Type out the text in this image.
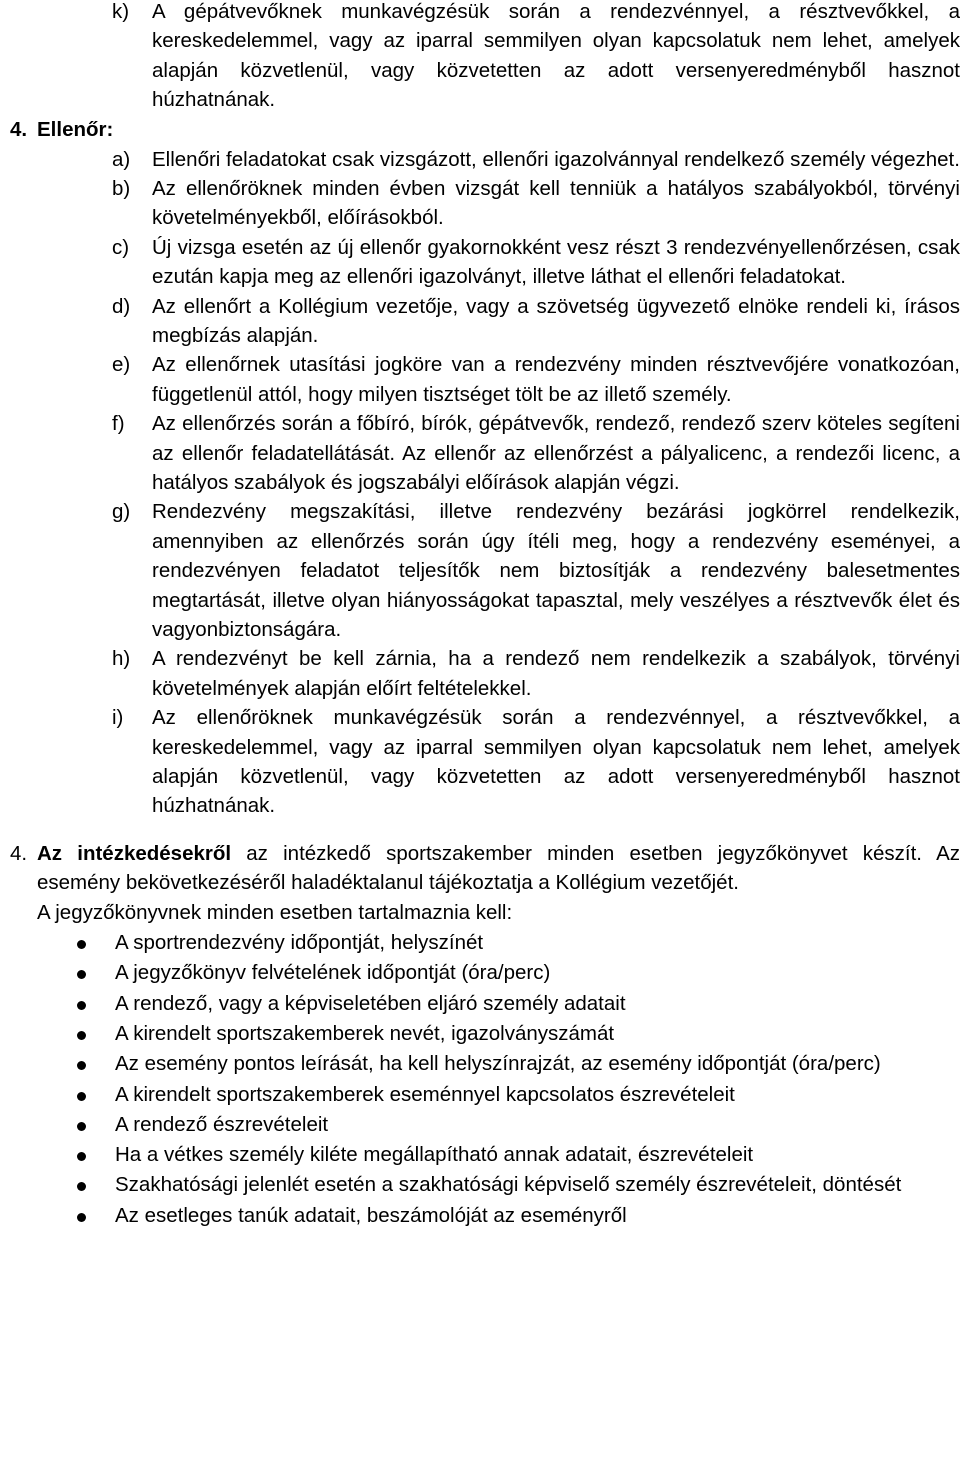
k) A gépátvevőknek munkavégzésük során a rendezvénnyel, a résztvevőkkel, a kereskedelemmel, vagy az iparral semmilyen olyan kapcsolatuk nem lehet, amelyek alapján közvetlenül, vagy közvetetten az adott versenyeredményből hasznot húzhatnának.
4. Ellenőr:
a) Ellenőri feladatokat csak vizsgázott, ellenőri igazolvánnyal rendelkező személy végezhet.
b) Az ellenőröknek minden évben vizsgát kell tenniük a hatályos szabályokból, törvényi követelményekből, előírásokból.
c) Új vizsga esetén az új ellenőr gyakornokként vesz részt 3 rendezvényellenőrzésen, csak ezután kapja meg az ellenőri igazolványt, illetve láthat el ellenőri feladatokat.
d) Az ellenőrt a Kollégium vezetője, vagy a szövetség ügyvezető elnöke rendeli ki, írásos megbízás alapján.
e) Az ellenőrnek utasítási jogköre van a rendezvény minden résztvevőjére vonatkozóan, függetlenül attól, hogy milyen tisztséget tölt be az illető személy.
f) Az ellenőrzés során a főbíró, bírók, gépátvevők, rendező, rendező szerv köteles segíteni az ellenőr feladatellátását. Az ellenőr az ellenőrzést a pályalicenc, a rendezői licenc, a hatályos szabályok és jogszabályi előírások alapján végzi.
g) Rendezvény megszakítási, illetve rendezvény bezárási jogkörrel rendelkezik, amennyiben az ellenőrzés során úgy ítéli meg, hogy a rendezvény eseményei, a rendezvényen feladatot teljesítők nem biztosítják a rendezvény balesetmentes megtartását, illetve olyan hiányosságokat tapasztal, mely veszélyes a résztvevők élet és vagyonbiztonságára.
h) A rendezvényt be kell zárnia, ha a rendező nem rendelkezik a szabályok, törvényi követelmények alapján előírt feltételekkel.
i) Az ellenőröknek munkavégzésük során a rendezvénnyel, a résztvevőkkel, a kereskedelemmel, vagy az iparral semmilyen olyan kapcsolatuk nem lehet, amelyek alapján közvetlenül, vagy közvetetten az adott versenyeredményből hasznot húzhatnának.

4. Az intézkedésekről az intézkedő sportszakember minden esetben jegyzőkönyvet készít. Az esemény bekövetkezéséről haladéktalanul tájékoztatja a Kollégium vezetőjét.

A jegyzőkönyvnek minden esetben tartalmaznia kell:

A sportrendezvény időpontját, helyszínét
A jegyzőkönyv felvételének időpontját (óra/perc)
A rendező, vagy a képviseletében eljáró személy adatait
A kirendelt sportszakemberek nevét, igazolványszámát
Az esemény pontos leírását, ha kell helyszínrajzát, az esemény időpontját (óra/perc)
A kirendelt sportszakemberek eseménnyel kapcsolatos észrevételeit
A rendező észrevételeit
Ha a vétkes személy kiléte megállapítható annak adatait, észrevételeit
Szakhatósági jelenlét esetén a szakhatósági képviselő személy észrevételeit, döntését
Az esetleges tanúk adatait, beszámolóját az eseményről
